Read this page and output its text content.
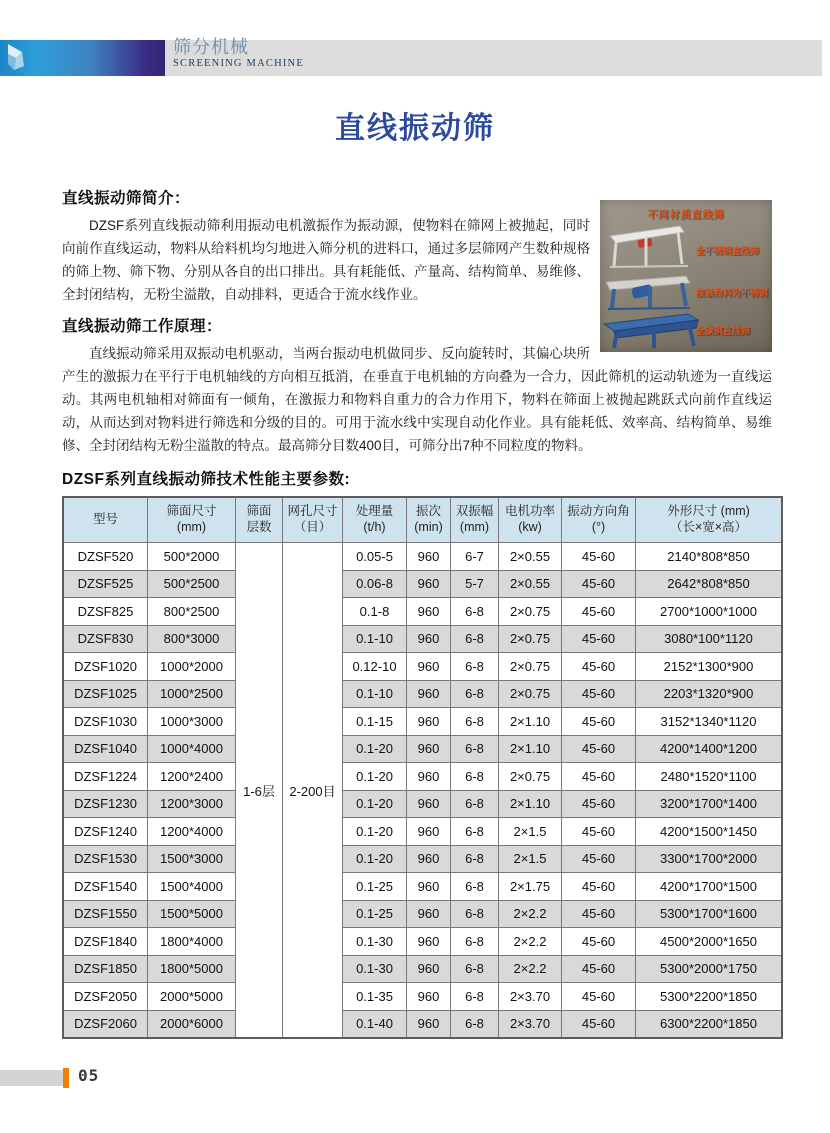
筛分机械
SCREENING MACHINE
直线振动筛
不同材质直线筛
全不锈钢直线筛
接触物料为不锈钢
全碳钢直线筛
直线振动筛简介：

DZSF系列直线振动筛利用振动电机激振作为振动源，使物料在筛网上被抛起，同时向前作直线运动，物料从给料机均匀地进入筛分机的进料口，通过多层筛网产生数种规格的筛上物、筛下物、分别从各自的出口排出。具有耗能低、产量高、结构简单、易维修、全封闭结构，无粉尘溢散，自动排料，更适合于流水线作业。

直线振动筛工作原理：

直线振动筛采用双振动电机驱动，当两台振动电机做同步、反向旋转时，其偏心块所产生的激振力在平行于电机轴线的方向相互抵消，在垂直于电机轴的方向叠为一合力，因此筛机的运动轨迹为一直线运动。其两电机轴相对筛面有一倾角，在激振力和物料自重力的合力作用下，物料在筛面上被抛起跳跃式向前作直线运动，从而达到对物料进行筛选和分级的目的。可用于流水线中实现自动化作业。具有能耗低、效率高、结构简单、易维修、全封闭结构无粉尘溢散的特点。最高筛分目数400目，可筛分出7种不同粒度的物料。

DZSF系列直线振动筛技术性能主要参数:
型号

筛面尺寸
(mm)

筛面
层数

网孔尺寸
（目）

处理量
(t/h)

振次
(min)

双振幅
(mm)

电机功率
(kw)

振动方向角
(°)

外形尺寸 (mm)
（长×宽×高）

DZSF520	500*2000	1-6层	2-200目	0.05-5	960	6-7	2×0.55	45-60	2140*808*850
DZSF525	500*2500			0.06-8	960	5-7	2×0.55	45-60	2642*808*850
DZSF825	800*2500			0.1-8	960	6-8	2×0.75	45-60	2700*1000*1000
DZSF830	800*3000			0.1-10	960	6-8	2×0.75	45-60	3080*100*1120
DZSF1020	1000*2000			0.12-10	960	6-8	2×0.75	45-60	2152*1300*900
DZSF1025	1000*2500			0.1-10	960	6-8	2×0.75	45-60	2203*1320*900
DZSF1030	1000*3000			0.1-15	960	6-8	2×1.10	45-60	3152*1340*1120
DZSF1040	1000*4000			0.1-20	960	6-8	2×1.10	45-60	4200*1400*1200
DZSF1224	1200*2400			0.1-20	960	6-8	2×0.75	45-60	2480*1520*1100
DZSF1230	1200*3000			0.1-20	960	6-8	2×1.10	45-60	3200*1700*1400
DZSF1240	1200*4000			0.1-20	960	6-8	2×1.5	45-60	4200*1500*1450
DZSF1530	1500*3000			0.1-20	960	6-8	2×1.5	45-60	3300*1700*2000
DZSF1540	1500*4000			0.1-25	960	6-8	2×1.75	45-60	4200*1700*1500
DZSF1550	1500*5000			0.1-25	960	6-8	2×2.2	45-60	5300*1700*1600
DZSF1840	1800*4000			0.1-30	960	6-8	2×2.2	45-60	4500*2000*1650
DZSF1850	1800*5000			0.1-30	960	6-8	2×2.2	45-60	5300*2000*1750
DZSF2050	2000*5000			0.1-35	960	6-8	2×3.70	45-60	5300*2200*1850
DZSF2060	2000*6000			0.1-40	960	6-8	2×3.70	45-60	6300*2200*1850
05
